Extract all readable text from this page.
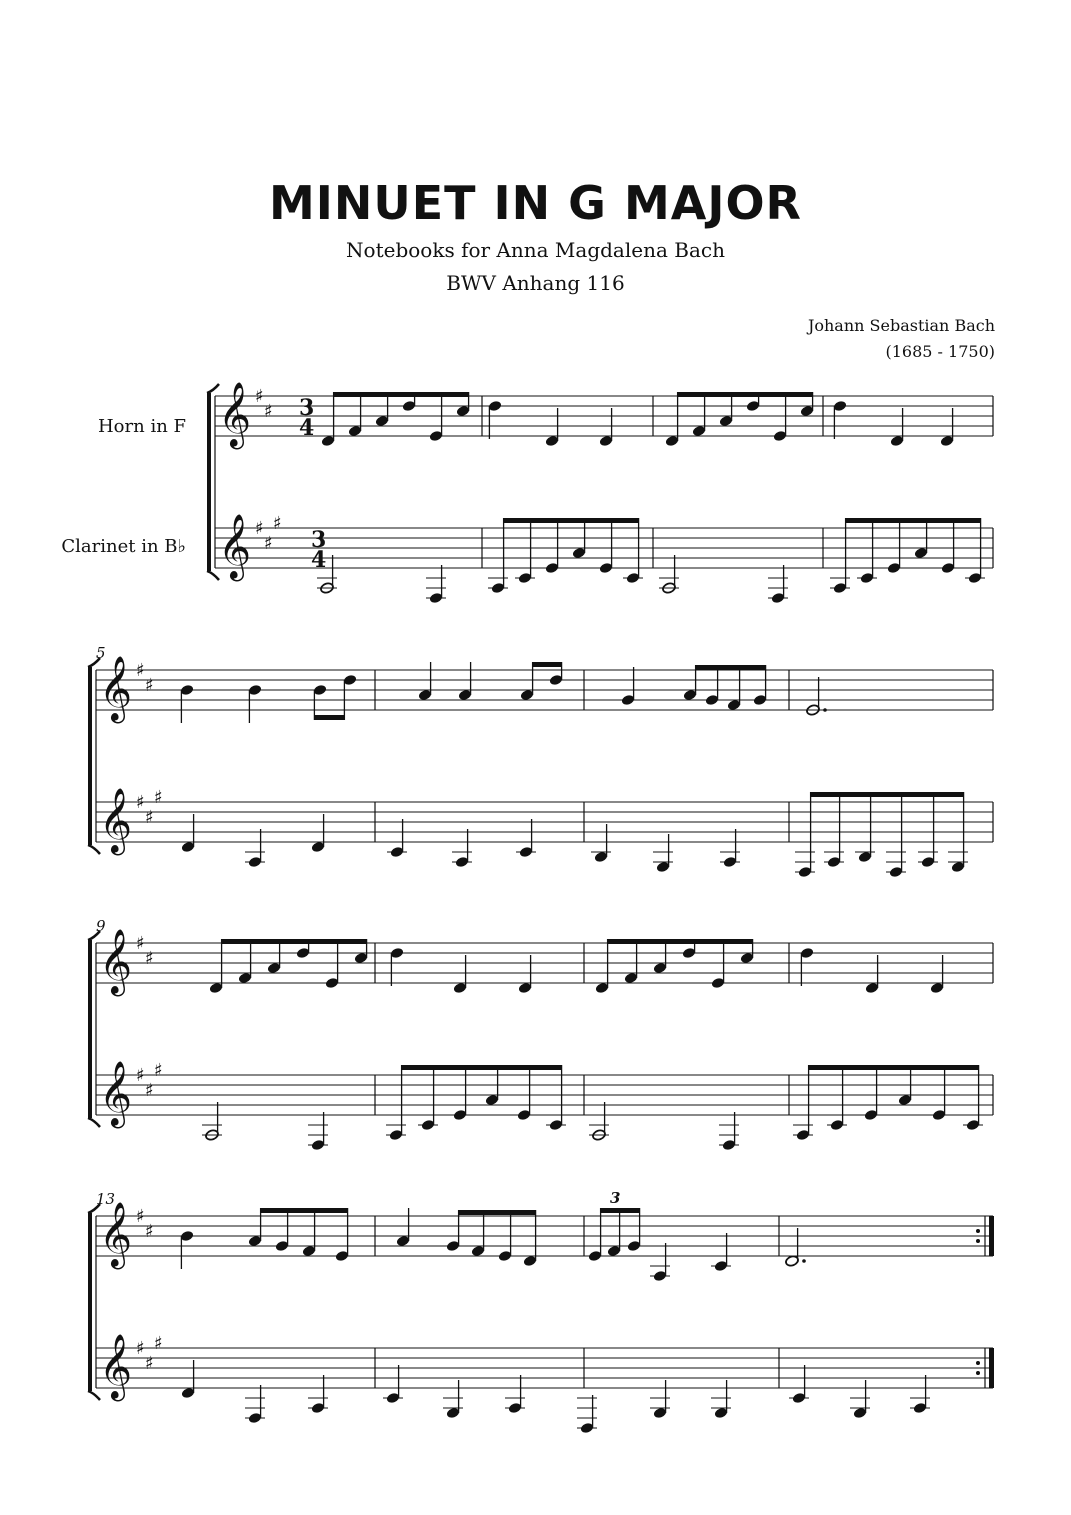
MINUET IN G MAJOR
Notebooks for Anna Magdalena Bach
BWV Anhang 116
Johann Sebastian Bach
(1685 - 1750)
Horn in F
Clarinet in B♭
5
9
13
𝄞
𝄞
♯
♯
♯
♯
♯
3
4
3
4
𝄞
𝄞
♯
♯
♯
♯
♯
𝄞
𝄞
♯
♯
♯
♯
♯
𝄞
𝄞
♯
♯
♯
♯
♯
3
